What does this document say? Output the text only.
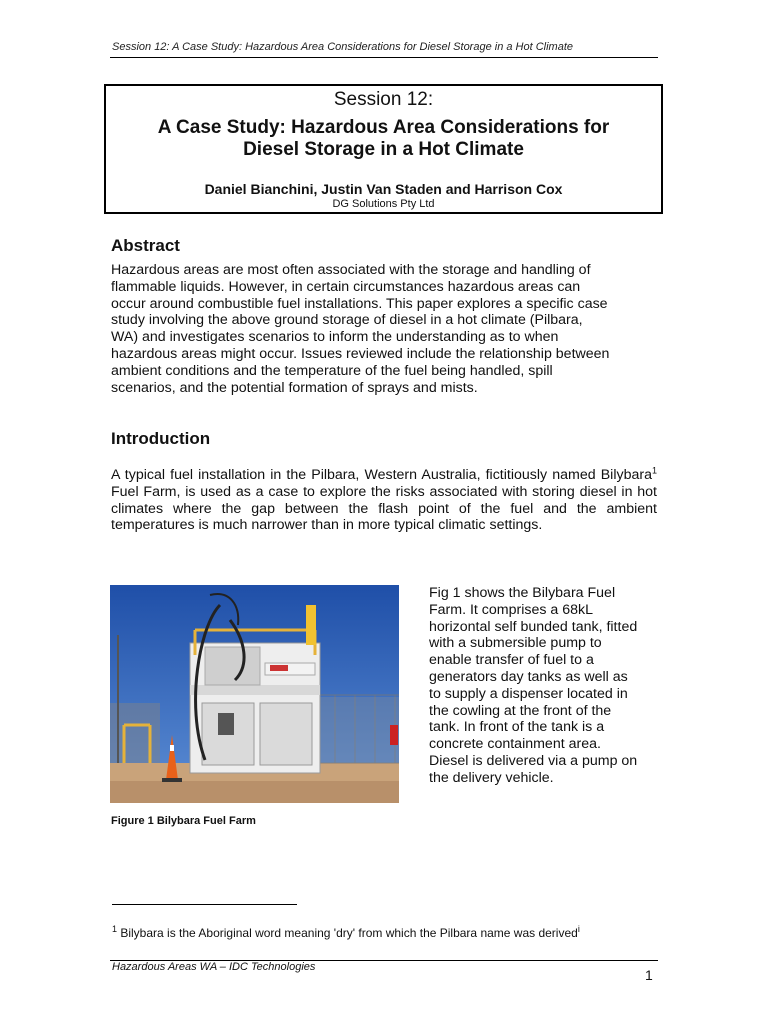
Session 12: A Case Study: Hazardous Area Considerations for Diesel Storage in a Hot Climate
Session 12:
A Case Study: Hazardous Area Considerations for
Diesel Storage in a Hot Climate
Daniel Bianchini, Justin Van Staden and Harrison Cox
DG Solutions Pty Ltd
Abstract
Hazardous areas are most often associated with the storage and handling of
flammable liquids. However, in certain circumstances hazardous areas can
occur around combustible fuel installations. This paper explores a specific case
study involving the above ground storage of diesel in a hot climate (Pilbara,
WA) and investigates scenarios to inform the understanding as to when
hazardous areas might occur. Issues reviewed include the relationship between
ambient conditions and the temperature of the fuel being handled, spill
scenarios, and the potential formation of sprays and mists.
Introduction

A typical fuel installation in the Pilbara, Western Australia, fictitiously named Bilybara$^1$ Fuel Farm, is used as a case to explore the risks associated with storing diesel in hot climates where the gap between the flash point of the fuel and the ambient temperatures is much narrower than in more typical climatic settings.

Fig 1 shows the Bilybara Fuel
Farm. It comprises a 68kL
horizontal self bunded tank, fitted
with a submersible pump to
enable transfer of fuel to a
generators day tanks as well as
to supply a dispenser located in
the cowling at the front of the
tank. In front of the tank is a
concrete containment area.
Diesel is delivered via a pump on
the delivery vehicle.
Figure 1 Bilybara Fuel Farm
$^1$ Bilybara is the Aboriginal word meaning 'dry' from which the Pilbara name was derived$^i$
Hazardous Areas WA – IDC Technologies	1
